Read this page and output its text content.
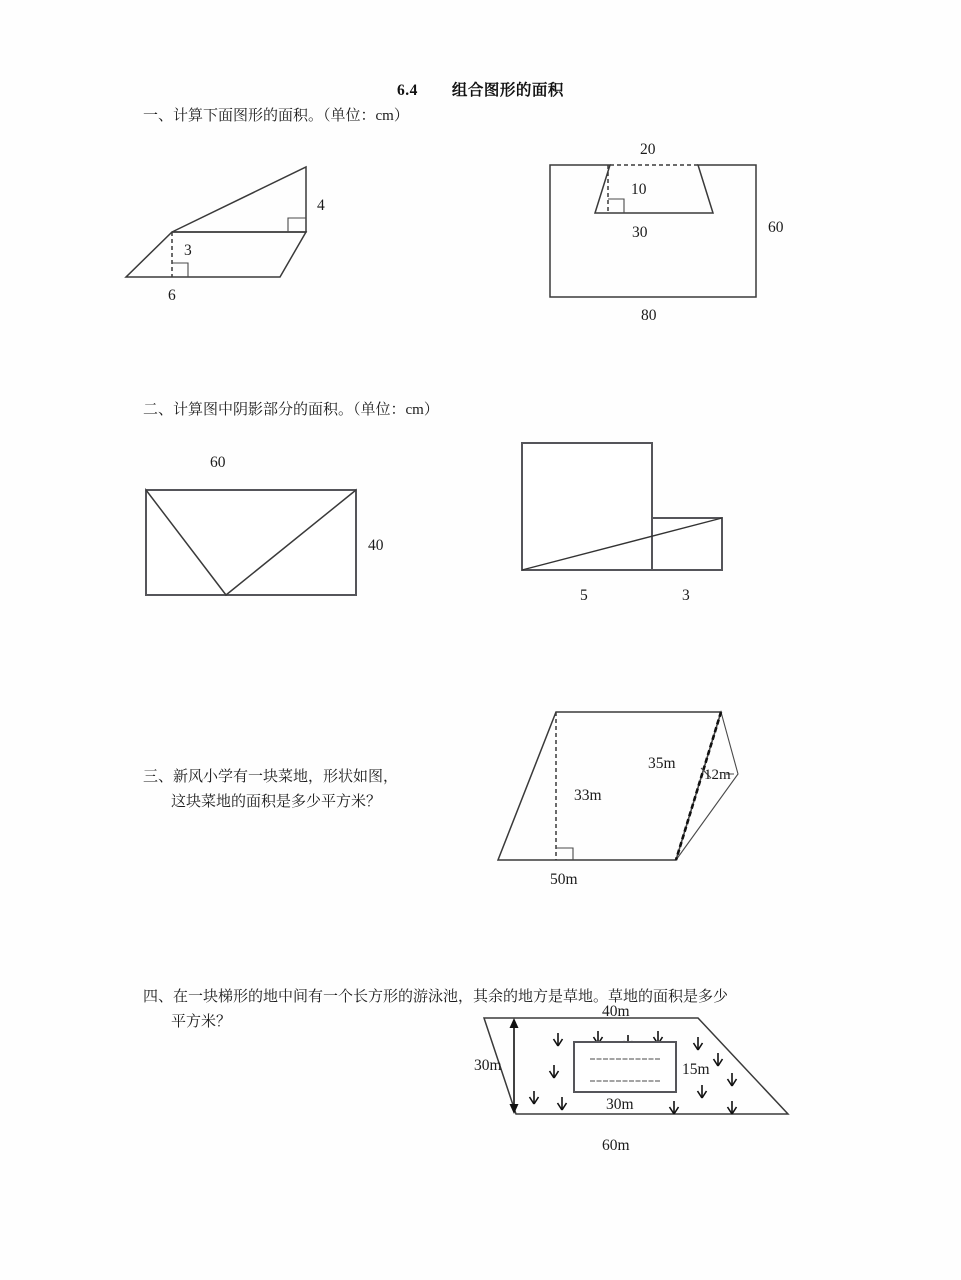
6.4 组合图形的面积
一、计算下面图形的面积。（单位：cm）
4
3
6
20
10
30	60
80
二、计算图中阴影部分的面积。（单位：cm）
60
40
5	3

三、新风小学有一块菜地，形状如图，

这块菜地的面积是多少平方米？

35m
33m
12m
50m

四、在一块梯形的地中间有一个长方形的游泳池，其余的地方是草地。草地的面积是多少

平方米？

40m
30m	15m
30m
60m
